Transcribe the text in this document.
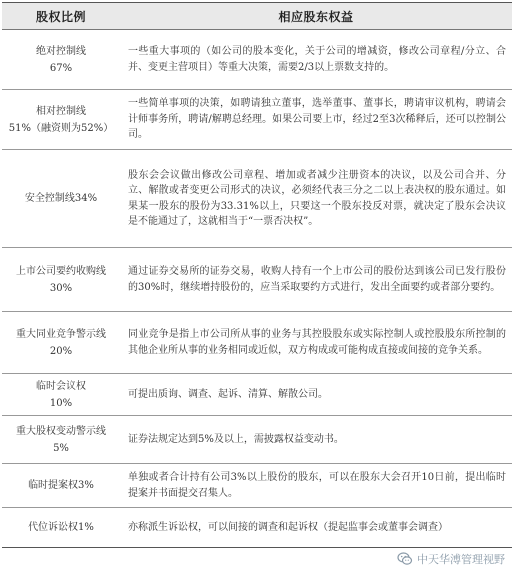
股权比例	相应股东权益
绝对控制线
67%	一些重大事项的（如公司的股本变化，关于公司的增减资，修改公司章程/分立、合并、变更主营项目）等重大决策，需要2/3以上票数支持的。
相对控制线
51%（融资则为52%）	一些简单事项的决策，如聘请独立董事，选举董事、董事长，聘请审议机构，聘请会计师事务所，聘请/解聘总经理。如果公司要上市，经过2至3次稀释后，还可以控制公司。
安全控制线34%	股东会会议做出修改公司章程、增加或者减少注册资本的决议，以及公司合并、分立、解散或者变更公司形式的决议，必须经代表三分之二以上表决权的股东通过。如果某一股东的股份为33.31%以上，只要这一个股东投反对票，就决定了股东会决议是不能通过了，这就相当于“一票否决权”。
上市公司要约收购线
30%	通过证券交易所的证券交易，收购人持有一个上市公司的股份达到该公司已发行股份的30%时，继续增持股份的，应当采取要约方式进行，发出全面要约或者部分要约。
重大同业竞争警示线
20%	同业竞争是指上市公司所从事的业务与其控股股东或实际控制人或控股股东所控制的其他企业所从事的业务相同或近似，双方构成或可能构成直接或间接的竞争关系。
临时会议权
10%	可提出质询、调查、起诉、清算、解散公司。
重大股权变动警示线
5%	证券法规定达到5%及以上，需披露权益变动书。
临时提案权3%	单独或者合计持有公司3%以上股份的股东，可以在股东大会召开10日前，提出临时提案并书面提交召集人。
代位诉讼权1%	亦称派生诉讼权，可以间接的调查和起诉权（提起监事会或董事会调查）
中天华溥管理视野
